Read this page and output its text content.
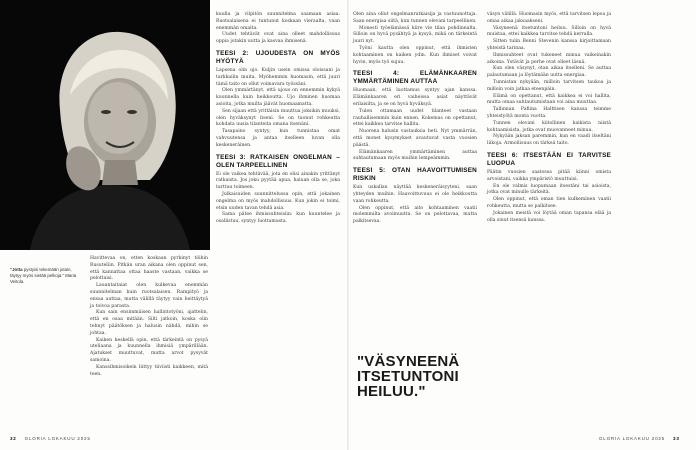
"Jotta pystyisi tekemään jotain, täytyy myös sietää pelkoja." Maria Veitola.

Havittevaa on, etten koskaan pyrkinyt töihin Rusuteliin. Pitkän uran aikana olen oppinut sen, että kannattaa ottaa haaste vastaan, vaikka se pelottaisi.

Lauantaitaiat olen kulkevaa enemmän suunnitelman kuin ruotsalaisen. Rampityö ja ensaa auttaa, mutta välillä täytyy vain heittäytyä ja toivoa parasta.

Kun sain ensimmäisen hallintotyöni, ajattelin, että en osaa mitään. Silti jatkoin, koska olin tehnyt päätöksen ja halusin nähdä, mihin se johtaa.

Kaiken keskellä opin, että tärkeintä on pysyä uteliaana ja kuunnella ihmisiä ympärillään. Ajatukset muuttuvat, mutta arvot pysyvät samoina.

Kanssihmisoikein liittyy tiiviisti kaikkeen, mitä teen.

kuulla ja vilpitön suunnitelma saamaan asiaa. Ruotsalaisena ei tuntunut koskaan vieraalta, vaan enemmän omalta.

Uudet tehtävät ovat aina olleet mahdollisuus oppia jotakin uutta ja kasvaa ihmisenä.

TEESI 2: UJOUDESTA ON MYÖS HYÖTYÄ

Lapsena olin ujo. Kuljin usein omissa oloissani ja tarkkailin muita. Myöhemmin huomasin, että juuri tämä taito on ollut voimavara työssäni.

Olen ymmärtänyt, että ujous on ennemmin kykyä kuunnella kuin heikkoutta. Ujo ihminen huomaa asioita, jotka muilta jäävät huomaamatta.

Sen sijaan että yrittäisin muuttua joksikin muuksi, olen hyväksynyt itseni. Se on tuonut rohkeutta kohdata uusia tilanteita omana itsenäni.

Tasapaino syntyy, kun tunnistaa omat vahvuutensa ja antaa itselleen luvan olla keskeneräinen.

TEESI 3: RATKAISEN ONGELMAN – OLEN TARPEELLINEN

Ei ole vaikea tehtävää, jota en olisi ainakin yrittänyt ratkaista. Jos joku pyytää apua, haluan olla se, joka tarttuu toimeen.

Julkaisuiden suunnittelussa opin, että jokainen ongelma on myös mahdollisuus. Kun jokin ei toimi, etsin uuden tavan tehdä asia.

Sama pätee ihmissuhteisiin: kun kuuntelee ja osallistuu, syntyy luottamusta.

32 GLORIA LOKAKUU 2025

Olen aina ollut ongelmanratkaisija ja vastuunottaja. Saan energiaa siitä, kun tunnen olevani tarpeellinen.

Monesti työelämässä kiire vie tilaa pohdinnalta. Silloin on hyvä pysähtyä ja kysyä, mikä on tärkeintä juuri nyt.

Työni kautta olen oppinut, että ihmisten kohtaaminen on kaiken ydin. Kun ihmiset voivat hyvin, myös työ sujuu.

TEESI 4: ELÄMÄNKAAREN YMMÄRTÄMINEN AUTTAA

Huomaan, että luottamus syntyy ajan kanssa. Elämänkaaren eri vaiheissa asiat näyttävät erilaisilta, ja se on hyvä hyväksyä.

Tulen ottamaan uudet tilanteet vastaan rauhallisemmin kuin ennen. Kokemus on opettanut, ettei kaikkea tarvitse hallita.

Nuorena halusin vastauksia heti. Nyt ymmärrän, että monet kysymykset avautuvat vasta vuosien päästä.

Elämänkaaren ymmärtäminen auttaa suhtautumaan myös muihin lempeämmin.

TEESI 5: OTAN HAAVOITTUMISEN RISKIN

Kun uskallan näyttää keskeneräisyyteni, saan yhteyden muihin. Haavoittuvuus ei ole heikkoutta vaan rohkeutta.

Olen oppinut, että aito kohtaaminen vaatii molemmilta avoimuutta. Se on pelottavaa, mutta palkitsevaa.

"VÄSYNEENÄ ITSETUNTONI HEILUU."

väsyn välillä. Huomasin myös, että tarvitsen lepoa ja omaa aikaa jaksaakseni.

Väsyneenä itsetuntoni heiluu. Silloin on hyvä muistaa, ettei kaikkea tarvitse tehdä kerralla.

Sitten tulin Benni Stevenin kanssa kirjoittamaan yhteistä tarinaa.

Ihmissuhteet ovat tukeneet minua vaikeinakin aikoina. Ystävät ja perhe ovat olleet läsnä.

Kun olen väsynyt, otan aikaa itselleni. Se auttaa palautumaan ja löytämään uutta energiaa.

Tunnistan nykyään, milloin tarvitsen taukoa ja milloin voin jatkaa eteenpäin.

Elämä on opettanut, että kaikkea ei voi hallita, mutta omaa suhtautumistaan voi aina muuttaa.

Tallinnan Pafiina Halttisen kanssa teimme yhteistyötä monta vuotta.

Tunnen olevani kiitollinen kaikista niistä kohtaamisista, jotka ovat muovanneet minua.

Nykyään jaksan paremmin, kun en vaadi itseltäni liikoja. Armollisuus on tärkeä taito.

TEESI 6: ITSESTÄÄN EI TARVITSE LUOPUA

Päätin vuosien saatossa pitää kiinni omista arvoistani, vaikka ympäristö muuttuisi.

En ole valmis luopumaan itsestäni tai asioista, jotka ovat minulle tärkeitä.

Olen oppinut, että oman tien kulkeminen vaatii rohkeutta, mutta se palkitsee.

Jokainen meistä voi löytää oman tapansa elää ja olla sinut itsensä kanssa.

GLORIA LOKAKUU 2025 33
